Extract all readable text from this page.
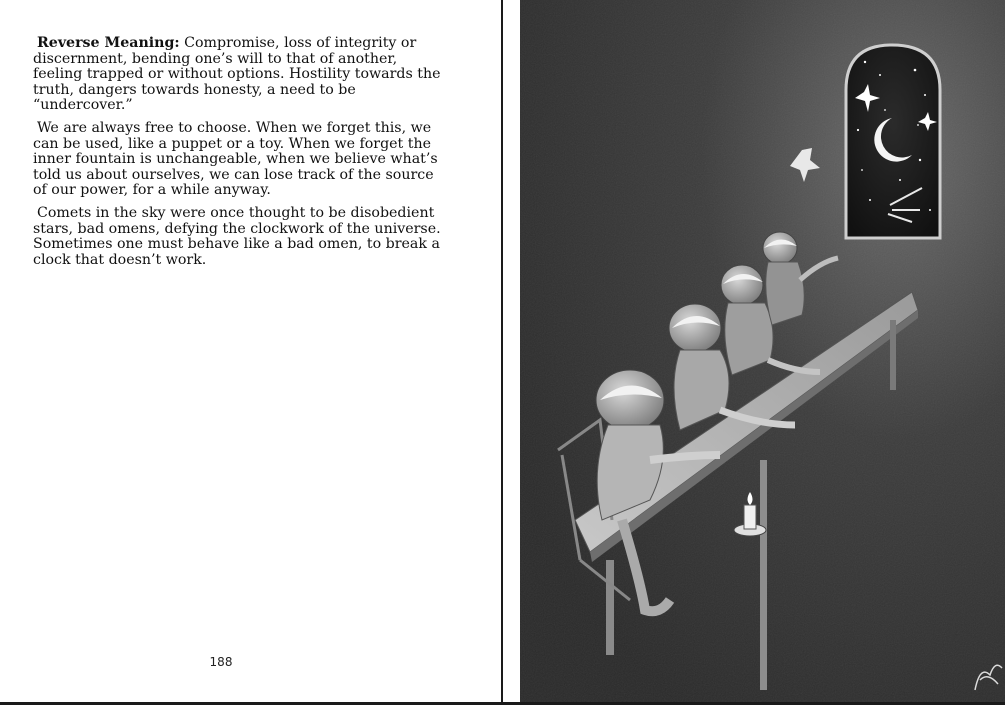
Reverse Meaning: Compromise, loss of integrity or discernment, bending one’s will to that of another, feeling trapped or without options. Hostility towards the truth, dangers towards honesty, a need to be “undercover.”

We are always free to choose. When we forget this, we can be used, like a puppet or a toy. When we forget the inner fountain is unchangeable, when we believe what’s told us about ourselves, we can lose track of the source of our power, for a while anyway.

Comets in the sky were once thought to be disobedient stars, bad omens, defying the clockwork of the universe. Sometimes one must behave like a bad omen, to break a clock that doesn’t work.

188
